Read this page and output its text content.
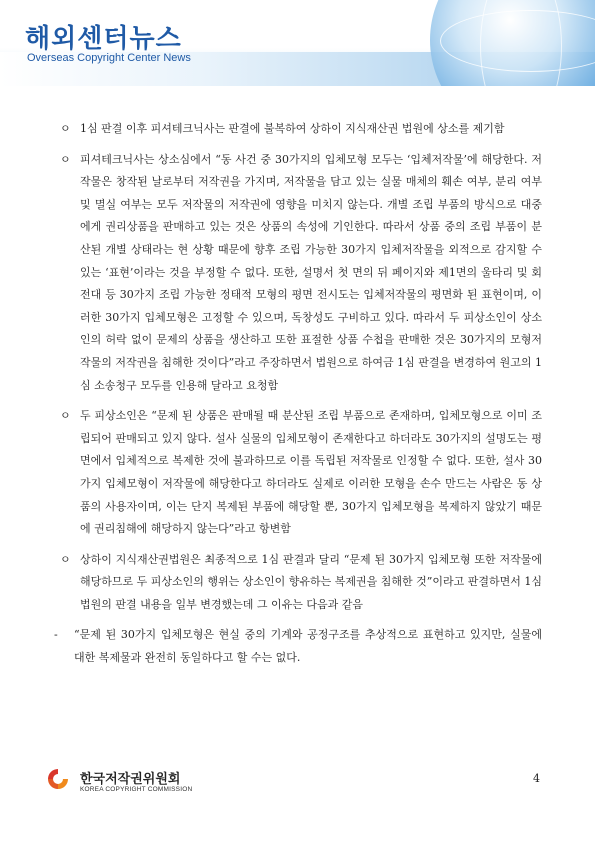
해외센터뉴스
Overseas Copyright Center News
ㅇ 1심 판결 이후 피셔테크닉사는 판결에 불복하여 상하이 지식재산권 법원에 상소를 제기함
ㅇ 피셔테크닉사는 상소심에서 “동 사건 중 30가지의 입체모형 모두는 ‘입체저작물’에 해당한다. 저작물은 창작된 날로부터 저작권을 가지며, 저작물을 담고 있는 실물 매체의 훼손 여부, 분리 여부 및 멸실 여부는 모두 저작물의 저작권에 영향을 미치지 않는다. 개별 조립 부품의 방식으로 대중에게 권리상품을 판매하고 있는 것은 상품의 속성에 기인한다. 따라서 상품 중의 조립 부품이 분산된 개별 상태라는 현 상황 때문에 향후 조립 가능한 30가지 입체저작물을 외적으로 감지할 수 있는 ‘표현’이라는 것을 부정할 수 없다. 또한, 설명서 첫 면의 뒤 페이지와 제1면의 울타리 및 회전대 등 30가지 조립 가능한 정태적 모형의 평면 전시도는 입체저작물의 평면화 된 표현이며, 이러한 30가지 입체모형은 고정할 수 있으며, 독창성도 구비하고 있다. 따라서 두 피상소인이 상소인의 허락 없이 문제의 상품을 생산하고 또한 표절한 상품 수첩을 판매한 것은 30가지의 모형저작물의 저작권을 침해한 것이다”라고 주장하면서 법원으로 하여금 1심 판결을 변경하여 원고의 1심 소송청구 모두를 인용해 달라고 요청함
ㅇ 두 피상소인은 “문제 된 상품은 판매될 때 분산된 조립 부품으로 존재하며, 입체모형으로 이미 조립되어 판매되고 있지 않다. 설사 실물의 입체모형이 존재한다고 하더라도 30가지의 설명도는 평면에서 입체적으로 복제한 것에 불과하므로 이를 독립된 저작물로 인정할 수 없다. 또한, 설사 30가지 입체모형이 저작물에 해당한다고 하더라도 실제로 이러한 모형을 손수 만드는 사람은 동 상품의 사용자이며, 이는 단지 복제된 부품에 해당할 뿐, 30가지 입체모형을 복제하지 않았기 때문에 권리침해에 해당하지 않는다”라고 항변함
ㅇ 상하이 지식재산권법원은 최종적으로 1심 판결과 달리 “문제 된 30가지 입체모형 또한 저작물에 해당하므로 두 피상소인의 행위는 상소인이 향유하는 복제권을 침해한 것”이라고 판결하면서 1심법원의 판결 내용을 일부 변경했는데 그 이유는 다음과 같음
- “문제 된 30가지 입체모형은 현실 중의 기계와 공정구조를 추상적으로 표현하고 있지만, 실물에 대한 복제물과 완전히 동일하다고 할 수는 없다.
한국저작권위원회
KOREA COPYRIGHT COMMISSION
4
